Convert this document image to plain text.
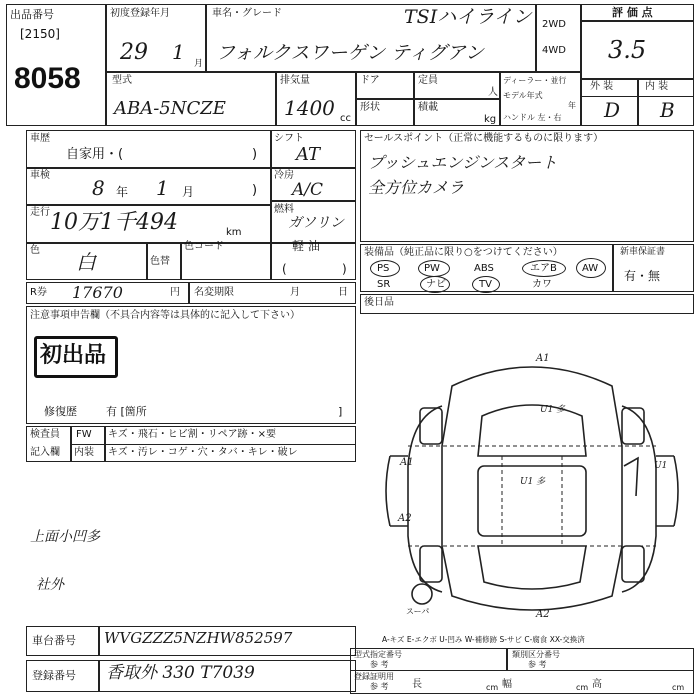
出品番号
[2150]
8058
初度登録年月
29 1 月
車名・グレード	TSIハイライン
フォルクスワーゲン ティグアン
2WD
4WD
評 価 点
3.5
外 装	内 装
D B
型式
ABA-5NCZE
排気量
1400 cc
ドア	定員
人
形状	積載
kg
ディーラー・並行
モデル年式
年
ハンドル 左・右
車歴
自家用・(	)
シフト
AT
車検
8 年 1 月	)
冷房
A/C
走行 10万1千494	km
燃料
ガソリン
軽 油
(	)
色 白	色替
色コード
R券 17670	円 名変期限	月	日
注意事項申告欄（不具合内容等は具体的に記入して下さい）
初出品
修復歴	有 [箇所	]
検査員
記入欄
FW キズ・飛石・ヒビ割・リペア跡・×要
内装 キズ・汚レ・コゲ・穴・タバ・キレ・破レ
上面小凹多
社外
セールスポイント（正常に機能するものに限ります）
プッシュエンジンスタート
全方位カメラ
装備品（純正品に限り○をつけてください）	新車保証書
有・無
PS	PW	ABS	エアB	AW
SR	ナビ	TV	カワ
後日品
A1
U1 多
U1 多
A1
A2
U1
A2
スーパ
A-キズ E-エクボ U-凹み W-補修跡 S-サビ C-腐食 XX-交換済
車台番号 WVGZZZ5NZHW852597
登録番号 香取外 330 T7039
型式指定番号
参 考
類別区分番号
参 考
登録証明用
参 考 長	cm 幅	cm 高	cm
